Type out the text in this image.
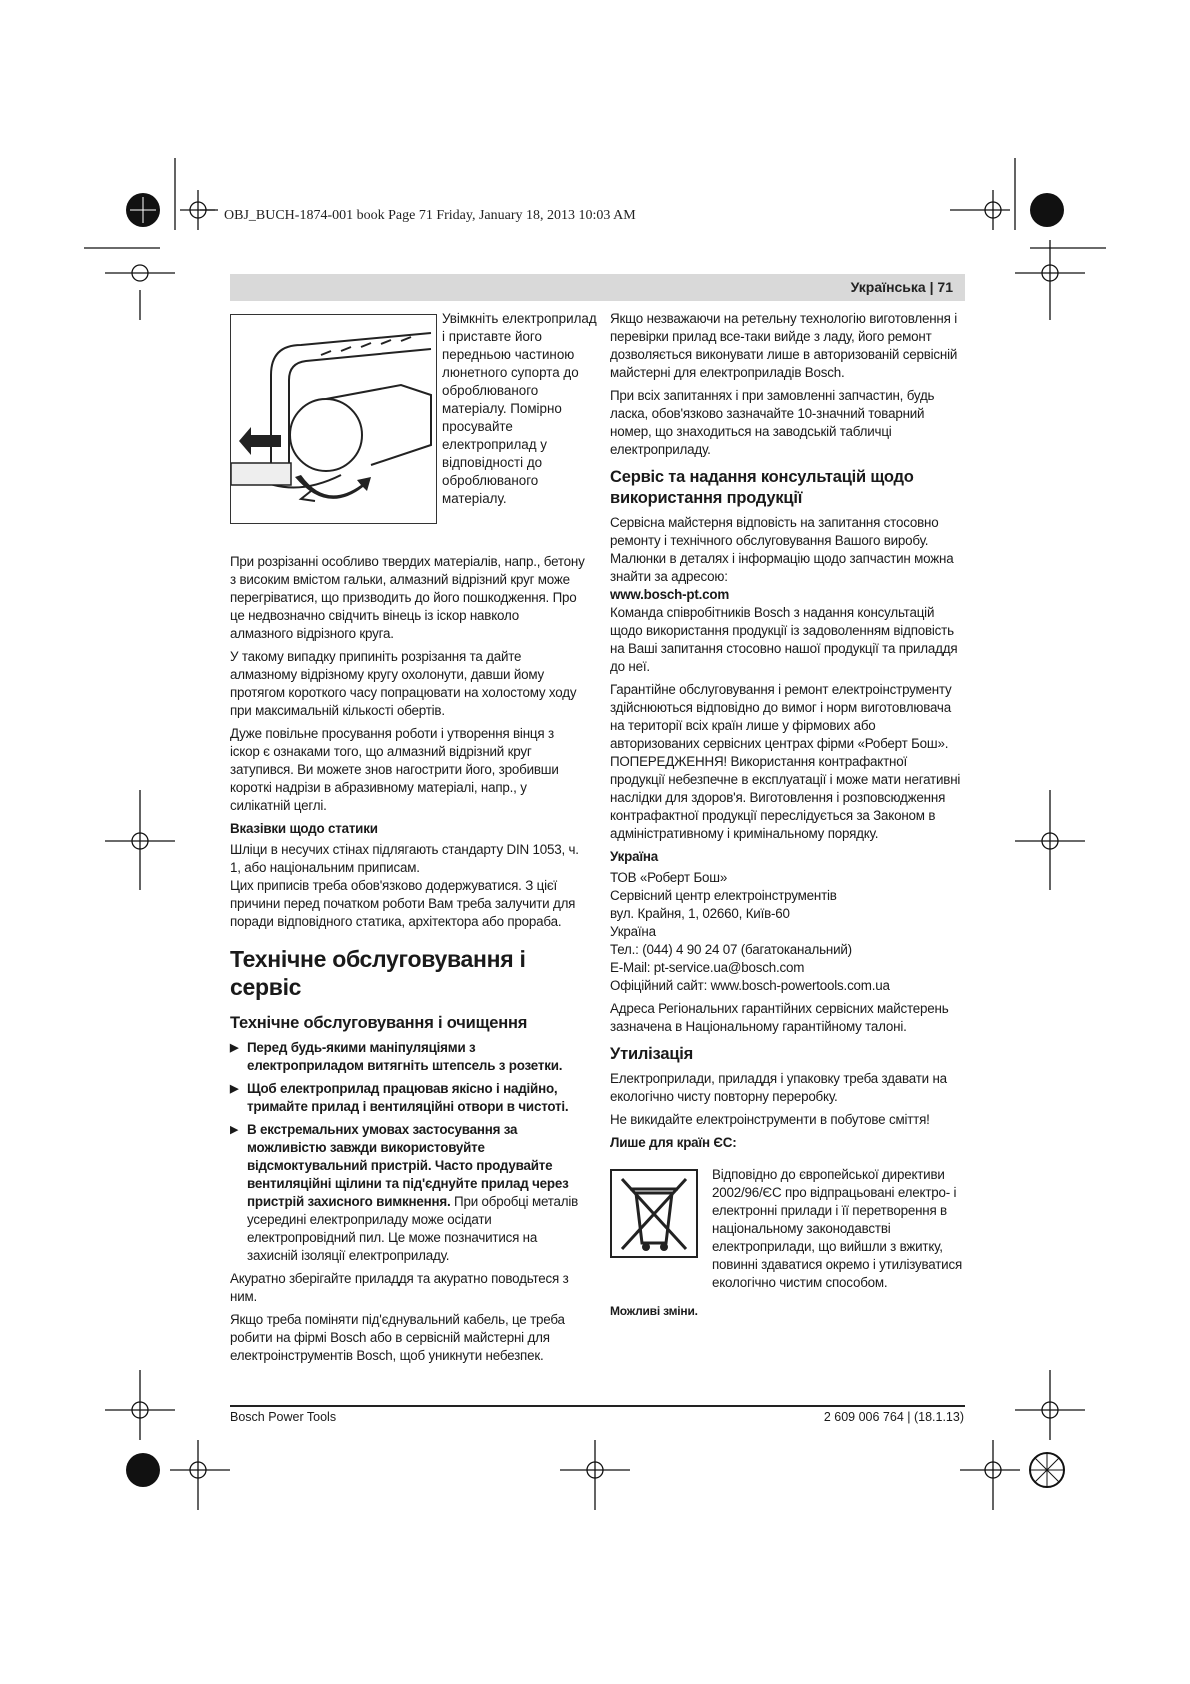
OBJ_BUCH-1874-001 book Page 71 Friday, January 18, 2013 10:03 AM
Українська | 71
Увімкніть електроприлад і приставте його передньою частиною люнетного супорта до оброблюваного матеріалу. Помірно просувайте електроприлад у відповідності до оброблюваного матеріалу.

При розрізанні особливо твердих матеріалів, напр., бетону з високим вмістом гальки, алмазний відрізний круг може перегріватися, що призводить до його пошкодження. Про це недвозначно свідчить вінець із іскор навколо алмазного відрізного круга.

У такому випадку припиніть розрізання та дайте алмазному відрізному кругу охолонути, давши йому протягом короткого часу попрацювати на холостому ходу при максимальній кількості обертів.

Дуже повільне просування роботи і утворення вінця з іскор є ознаками того, що алмазний відрізний круг затупився. Ви можете знов нагострити його, зробивши короткі надрізи в абразивному матеріалі, напр., у силікатній цеглі.

Вказівки щодо статики

Шліци в несучих стінах підлягають стандарту DIN 1053, ч. 1, або національним приписам.

Цих приписів треба обов'язково додержуватися. З цієї причини перед початком роботи Вам треба залучити для поради відповідного статика, архітектора або прораба.

Технічне обслуговування і сервіс

Технічне обслуговування і очищення

▶ Перед будь-якими маніпуляціями з електроприладом витягніть штепсель з розетки.
▶ Щоб електроприлад працював якісно і надійно, тримайте прилад і вентиляційні отвори в чистоті.
▶ В екстремальних умовах застосування за можливістю завжди використовуйте відсмоктувальний пристрій. Часто продувайте вентиляційні щілини та під'єднуйте прилад через пристрій захисного вимкнення. При обробці металів усередині електроприладу може осідати електропровідний пил. Це може позначитися на захисній ізоляції електроприладу.

Акуратно зберігайте приладдя та акуратно поводьтеся з ним.

Якщо треба поміняти під'єднувальний кабель, це треба робити на фірмі Bosch або в сервісній майстерні для електроінструментів Bosch, щоб уникнути небезпек.

Якщо незважаючи на ретельну технологію виготовлення і перевірки прилад все-таки вийде з ладу, його ремонт дозволяється виконувати лише в авторизованій сервісній майстерні для електроприладів Bosch.

При всіх запитаннях і при замовленні запчастин, будь ласка, обов'язково зазначайте 10-значний товарний номер, що знаходиться на заводській табличці електроприладу.

Сервіс та надання консультацій щодо використання продукції

Сервісна майстерня відповість на запитання стосовно ремонту і технічного обслуговування Вашого виробу. Малюнки в деталях і інформацію щодо запчастин можна знайти за адресою:

www.bosch-pt.com

Команда співробітників Bosch з надання консультацій щодо використання продукції із задоволенням відповість на Ваші запитання стосовно нашої продукції та приладдя до неї.

Гарантійне обслуговування і ремонт електроінструменту здійснюються відповідно до вимог і норм виготовлювача на території всіх країн лише у фірмових або авторизованих сервісних центрах фірми «Роберт Бош». ПОПЕРЕДЖЕННЯ! Використання контрафактної продукції небезпечне в експлуатації і може мати негативні наслідки для здоров'я. Виготовлення і розповсюдження контрафактної продукції переслідується за Законом в адміністративному і кримінальному порядку.

Україна

ТОВ «Роберт Бош»
Сервісний центр електроінструментів
вул. Крайня, 1, 02660, Київ-60
Україна
Тел.: (044) 4 90 24 07 (багатоканальний)
E-Mail: pt-service.ua@bosch.com
Офіційний сайт: www.bosch-powertools.com.ua

Адреса Регіональних гарантійних сервісних майстерень зазначена в Національному гарантійному талоні.

Утилізація

Електроприлади, приладдя і упаковку треба здавати на екологічно чисту повторну переробку.

Не викидайте електроінструменти в побутове сміття!

Лише для країн ЄС:

Відповідно до європейської директиви 2002/96/ЄС про відпрацьовані електро- і електронні прилади і її перетворення в національному законодавстві електроприлади, що вийшли з вжитку, повинні здаватися окремо і утилізуватися екологічно чистим способом.
Можливі зміни.
Bosch Power Tools	2 609 006 764 | (18.1.13)
